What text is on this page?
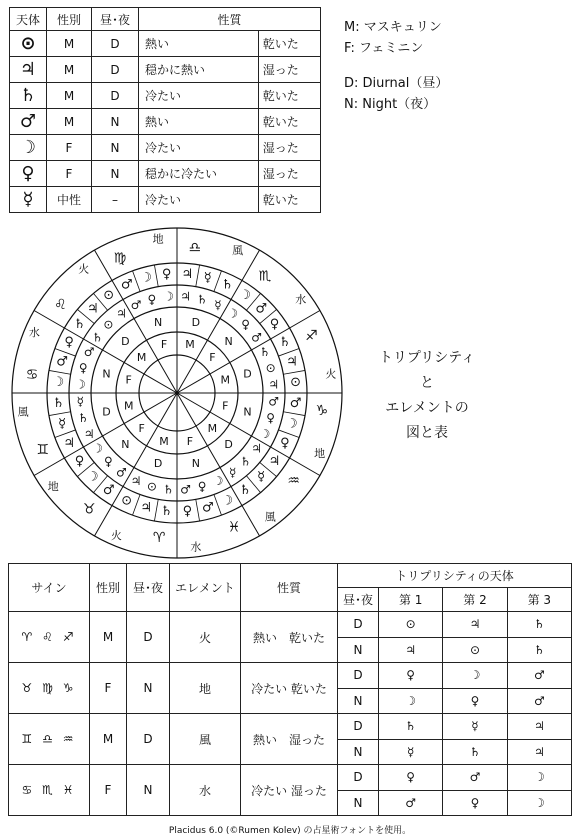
天体	性別	昼･夜	性質	
⊙	M	D	熱い	乾いた
♃	M	D	穏かに熱い	湿った
♄	M	D	冷たい	乾いた
♂	M	N	熱い	乾いた
☽	F	N	冷たい	湿った
♀	F	N	穏かに冷たい	湿った
☿	中性	–	冷たい	乾いた
M: マスキュリン
F: フェミニン
D: Diurnal（昼）
N: Night（夜）
火
♐
⊙
♃
♃
⊙
♄
♄
D
M
水
♏
♀
♂
♂
♀
☽
☽
N
F
風
♎
♄
☿
☿
♄
♃
♃
D
M
地
♍
♀
☽
☽
♀
♂
♂
N
F
火
♌
⊙
♃
♃
⊙
♄
♄ D
M
水
♋
♀
♂
♂ ♀
☽ ☽
N F
風
♊
♄ ☿
☿ ♄
♃
♃
D M
地
♉
♀
☽
☽
♀
♂
♂
N
F
火 ♈
⊙
♃
♃
⊙
♄
♄
D
M
水
♓
♀
♂
♂
♀
☽
☽
N
F
風
♒
♄
☿ ☿
♄ ♃
♃
D
M
地
♑
♀
☽
☽
♀
♂
♂
N
F
トリプリシティと
エレメントの
図と表
サイン	性別	昼･夜	エレメント	性質	トリプリシティの天体			
					昼･夜	第 1	第 2	第 3
♈ ♌ ♐	M	D	火	熱い　乾いた	D	⊙	♃	♄
					N	♃	⊙	♄
♉ ♍ ♑	F	N	地	冷たい 乾いた	D	♀	☽	♂
					N	☽	♀	♂
♊ ♎ ♒	M	D	風	熱い　湿った	D	♄	☿	♃
					N	☿	♄	♃
♋ ♏ ♓	F	N	水	冷たい 湿った	D	♀	♂	☽
					N	♂	♀	☽
Placidus 6.0 (©Rumen Kolev) の占星術フォントを使用。
